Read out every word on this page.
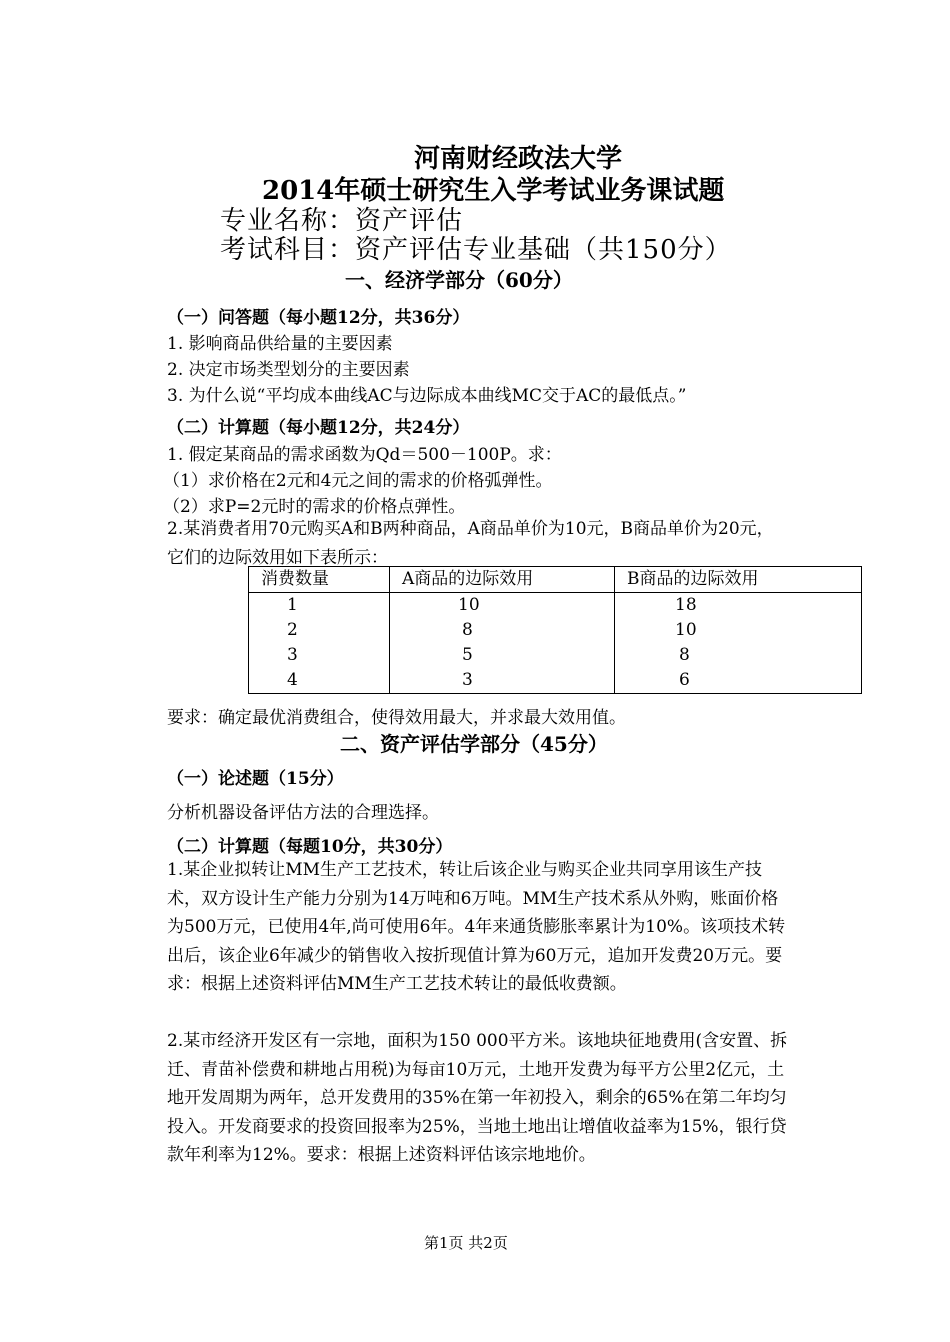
河南财经政法大学
2014年硕士研究生入学考试业务课试题
专业名称：资产评估
考试科目：资产评估专业基础（共150分）
一、经济学部分（60分）
（一）问答题（每小题12分，共36分）
1. 影响商品供给量的主要因素
2. 决定市场类型划分的主要因素
3. 为什么说“平均成本曲线AC与边际成本曲线MC交于AC的最低点。”
（二）计算题（每小题12分，共24分）
1. 假定某商品的需求函数为Qd＝500－100P。求：
（1）求价格在2元和4元之间的需求的价格弧弹性。
（2）求P=2元时的需求的价格点弹性。
2.某消费者用70元购买A和B两种商品，A商品单价为10元，B商品单价为20元，它们的边际效用如下表所示：
消费数量	A商品的边际效用	B商品的边际效用
1	10	18
2	8	10
3	5	8
4	3	6
要求：确定最优消费组合，使得效用最大，并求最大效用值。
二、资产评估学部分（45分）
（一）论述题（15分）
分析机器设备评估方法的合理选择。
（二）计算题（每题10分，共30分）
1.某企业拟转让MM生产工艺技术，转让后该企业与购买企业共同享用该生产技术，双方设计生产能力分别为14万吨和6万吨。MM生产技术系从外购，账面价格为500万元，已使用4年,尚可使用6年。4年来通货膨胀率累计为10%。该项技术转出后，该企业6年减少的销售收入按折现值计算为60万元，追加开发费20万元。要求：根据上述资料评估MM生产工艺技术转让的最低收费额。
2.某市经济开发区有一宗地，面积为150 000平方米。该地块征地费用(含安置、拆迁、青苗补偿费和耕地占用税)为每亩10万元，土地开发费为每平方公里2亿元，土地开发周期为两年，总开发费用的35%在第一年初投入，剩余的65%在第二年均匀投入。开发商要求的投资回报率为25%，当地土地出让增值收益率为15%，银行贷款年利率为12%。要求：根据上述资料评估该宗地地价。
第1页 共2页
